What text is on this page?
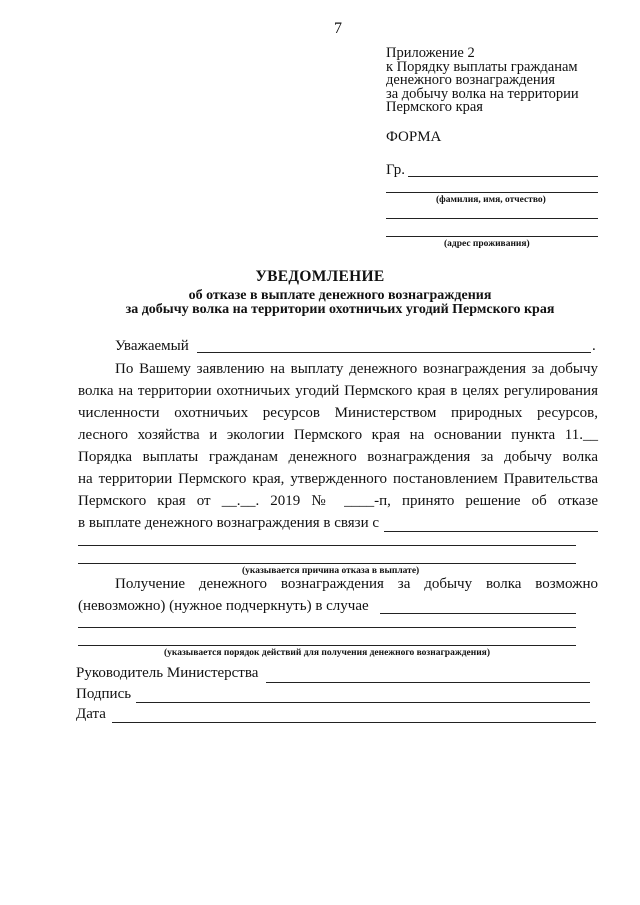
7
Приложение 2
к Порядку выплаты гражданам
денежного вознаграждения
за добычу волка на территории
Пермского края
ФОРМА
Гр.
(фамилия, имя, отчество)
(адрес проживания)
УВЕДОМЛЕНИЕ
об отказе в выплате денежного вознаграждения
за добычу волка на территории охотничьих угодий Пермского края
Уважаемый	.
По Вашему заявлению на выплату денежного вознаграждения за добычу
волка на территории охотничьих угодий Пермского края в целях регулирования
численности охотничьих ресурсов Министерством природных ресурсов,
лесного хозяйства и экологии Пермского края на основании пункта 11.__
Порядка выплаты гражданам денежного вознаграждения за добычу волка
на территории Пермского края, утвержденного постановлением Правительства
Пермского края от __.__. 2019 № ____-п, принято решение об отказе
в выплате денежного вознаграждения в связи с
(указывается причина отказа в выплате)
Получение денежного вознаграждения за добычу волка возможно
(невозможно) (нужное подчеркнуть) в случае
(указывается порядок действий для получения денежного вознаграждения)
Руководитель Министерства
Подпись
Дата
